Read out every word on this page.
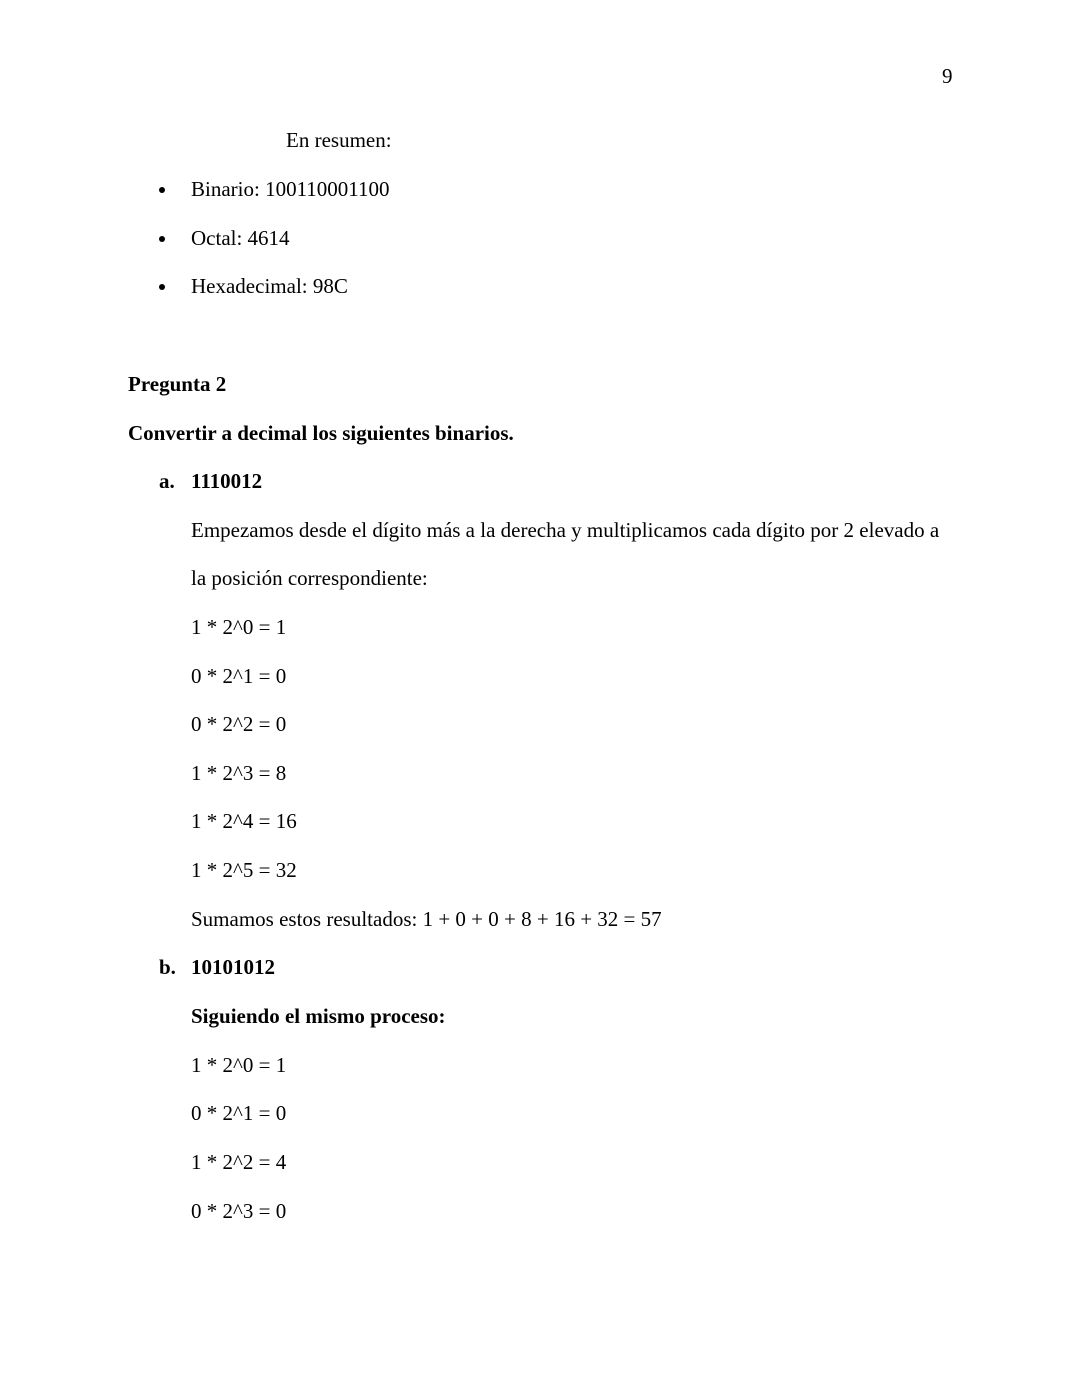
9
En resumen:
Binario: 100110001100
Octal: 4614
Hexadecimal: 98C
Pregunta 2
Convertir a decimal los siguientes binarios.
a. 1110012
Empezamos desde el dígito más a la derecha y multiplicamos cada dígito por 2 elevado a
la posición correspondiente:
1 * 2^0 = 1
0 * 2^1 = 0
0 * 2^2 = 0
1 * 2^3 = 8
1 * 2^4 = 16
1 * 2^5 = 32
Sumamos estos resultados: 1 + 0 + 0 + 8 + 16 + 32 = 57
b. 10101012
Siguiendo el mismo proceso:
1 * 2^0 = 1
0 * 2^1 = 0
1 * 2^2 = 4
0 * 2^3 = 0
